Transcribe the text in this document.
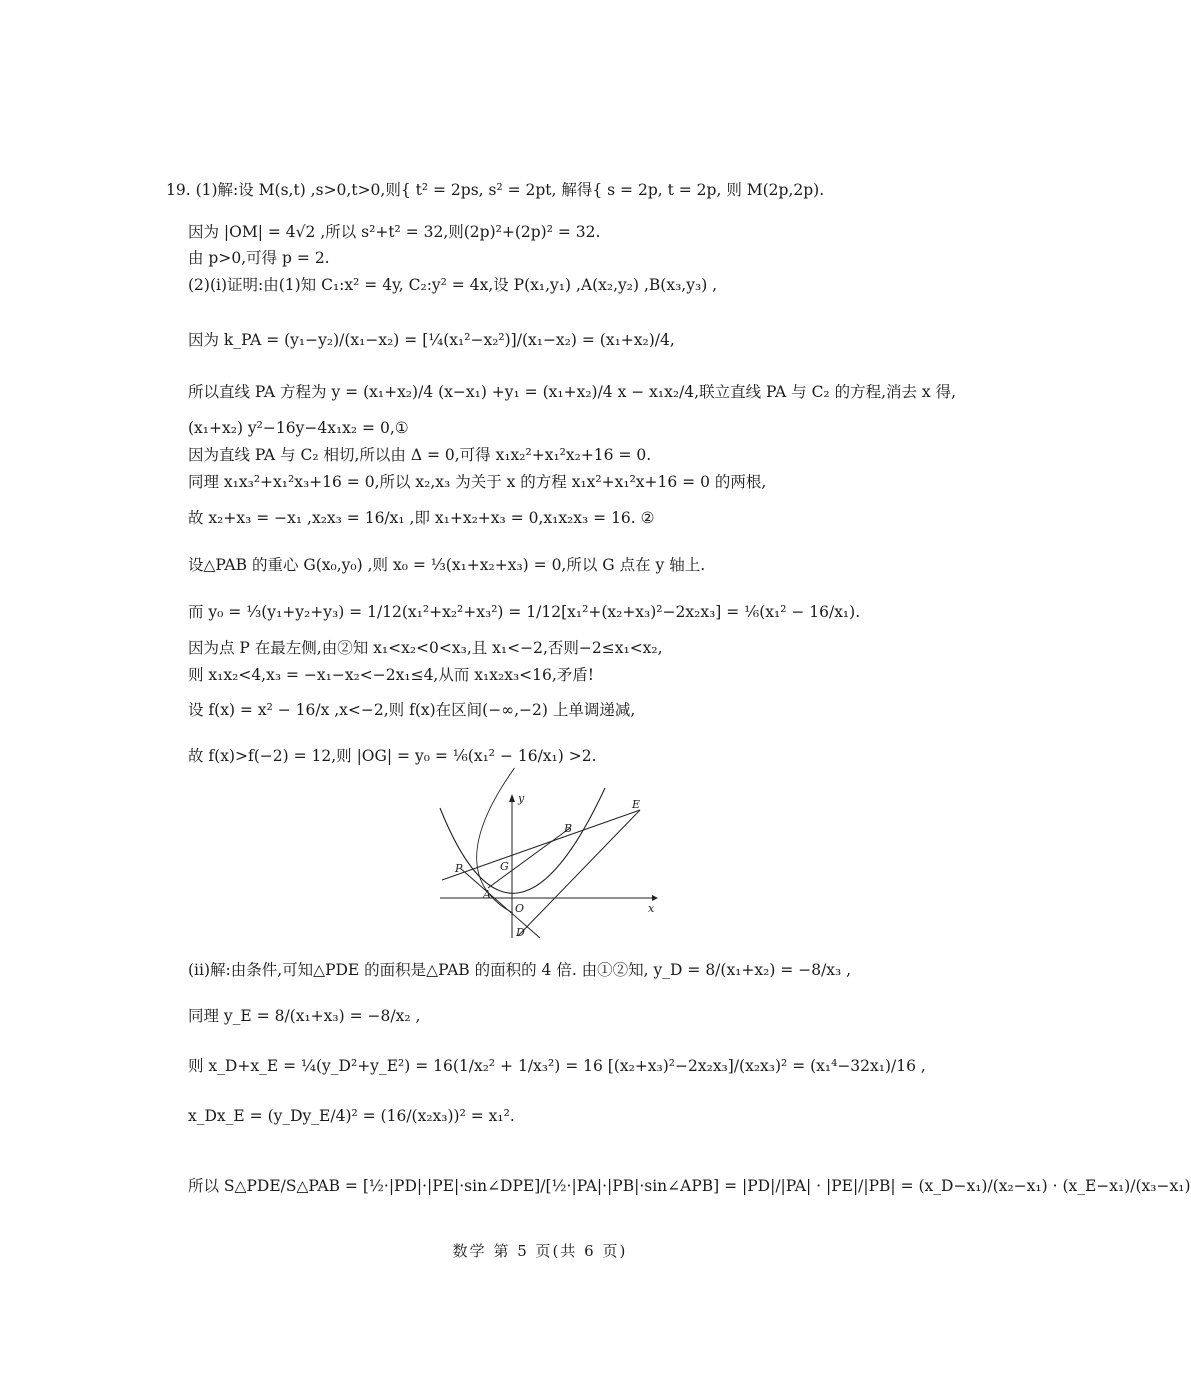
19. (1)解:设 M(s,t) ,s>0,t>0,则{ t² = 2ps, s² = 2pt, 解得{ s = 2p, t = 2p, 则 M(2p,2p).
因为 |OM| = 4√2 ,所以 s²+t² = 32,则(2p)²+(2p)² = 32.
由 p>0,可得 p = 2.
(2)(i)证明:由(1)知 C₁:x² = 4y, C₂:y² = 4x,设 P(x₁,y₁) ,A(x₂,y₂) ,B(x₃,y₃) ,
因为 k_PA = (y₁−y₂)/(x₁−x₂) = [¼(x₁²−x₂²)]/(x₁−x₂) = (x₁+x₂)/4,
所以直线 PA 方程为 y = (x₁+x₂)/4 (x−x₁) +y₁ = (x₁+x₂)/4 x − x₁x₂/4,联立直线 PA 与 C₂ 的方程,消去 x 得,
(x₁+x₂) y²−16y−4x₁x₂ = 0,①
因为直线 PA 与 C₂ 相切,所以由 Δ = 0,可得 x₁x₂²+x₁²x₂+16 = 0.
同理 x₁x₃²+x₁²x₃+16 = 0,所以 x₂,x₃ 为关于 x 的方程 x₁x²+x₁²x+16 = 0 的两根,
故 x₂+x₃ = −x₁ ,x₂x₃ = 16/x₁ ,即 x₁+x₂+x₃ = 0,x₁x₂x₃ = 16. ②
设△PAB 的重心 G(x₀,y₀) ,则 x₀ = ⅓(x₁+x₂+x₃) = 0,所以 G 点在 y 轴上.
而 y₀ = ⅓(y₁+y₂+y₃) = 1/12(x₁²+x₂²+x₃²) = 1/12[x₁²+(x₂+x₃)²−2x₂x₃] = ⅙(x₁² − 16/x₁).
因为点 P 在最左侧,由②知 x₁<x₂<0<x₃,且 x₁<−2,否则−2≤x₁<x₂,
则 x₁x₂<4,x₃ = −x₁−x₂<−2x₁≤4,从而 x₁x₂x₃<16,矛盾!
设 f(x) = x² − 16/x ,x<−2,则 f(x)在区间(−∞,−2) 上单调递减,
故 f(x)>f(−2) = 12,则 |OG| = y₀ = ⅙(x₁² − 16/x₁) >2.
y
x
O
P
A
B
E
G
D
(ii)解:由条件,可知△PDE 的面积是△PAB 的面积的 4 倍. 由①②知, y_D = 8/(x₁+x₂) = −8/x₃ ,
同理 y_E = 8/(x₁+x₃) = −8/x₂ ,
则 x_D+x_E = ¼(y_D²+y_E²) = 16(1/x₂² + 1/x₃²) = 16 [(x₂+x₃)²−2x₂x₃]/(x₂x₃)² = (x₁⁴−32x₁)/16 ,
x_Dx_E = (y_Dy_E/4)² = (16/(x₂x₃))² = x₁².
所以 S△PDE/S△PAB = [½·|PD|·|PE|·sin∠DPE]/[½·|PA|·|PB|·sin∠APB] = |PD|/|PA| · |PE|/|PB| = (x_D−x₁)/(x₂−x₁) · (x_E−x₁)/(x₃−x₁)
数学 第 5 页(共 6 页)
